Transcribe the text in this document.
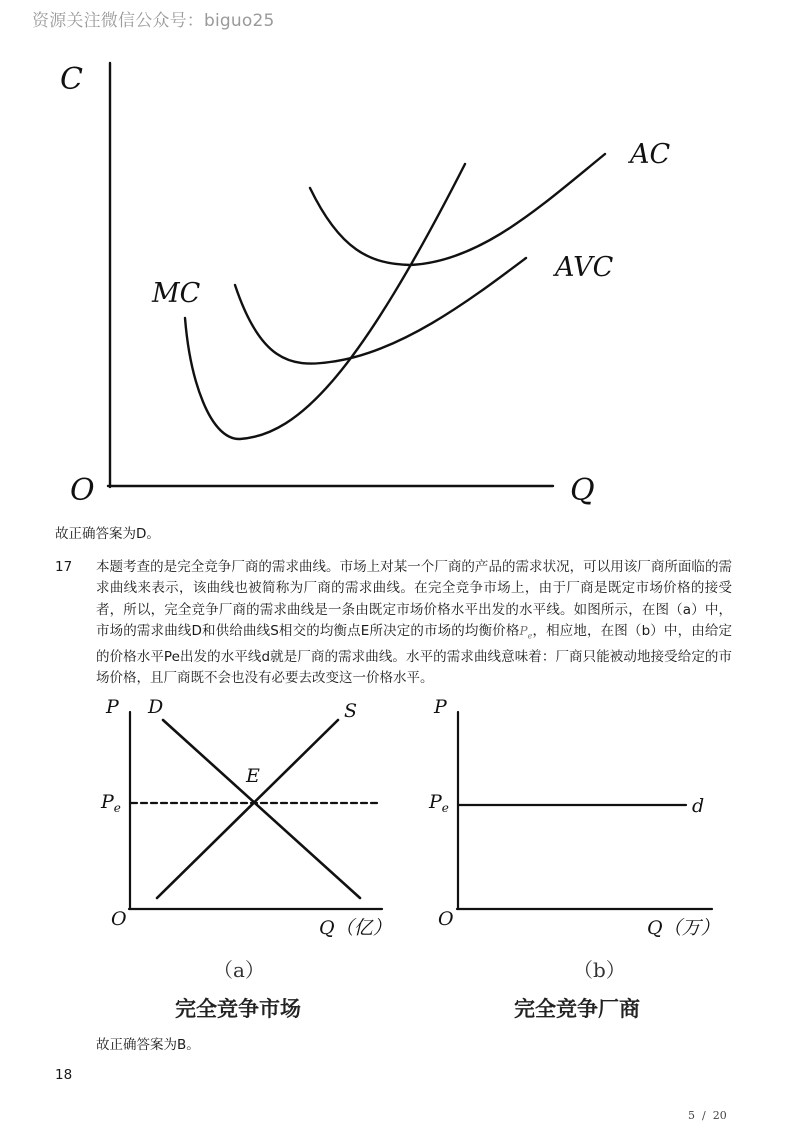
资源关注微信公众号：biguo25
C
O	Q
MC
AC
AVC
故正确答案为D。
17 本题考查的是完全竞争厂商的需求曲线。市场上对某一个厂商的产品的需求状况，可以用该厂商所面临的需求曲线来表示，该曲线也被简称为厂商的需求曲线。在完全竞争市场上，由于厂商是既定市场价格的接受者，所以，完全竞争厂商的需求曲线是一条由既定市场价格水平出发的水平线。如图所示，在图（a）中，市场的需求曲线D和供给曲线S相交的均衡点E所决定的市场的均衡价格$P_e$，相应地，在图（b）中，由给定的价格水平Pe出发的水平线d就是厂商的需求曲线。水平的需求曲线意味着：厂商只能被动地接受给定的市场价格，且厂商既不会也没有必要去改变这一价格水平。
P D	S
E
$P_e$
O	Q（亿）
P
$P_e$	d
O	Q（万）
（a）	（b）
完全竞争市场	完全竞争厂商
故正确答案为B。
18
5 / 20
